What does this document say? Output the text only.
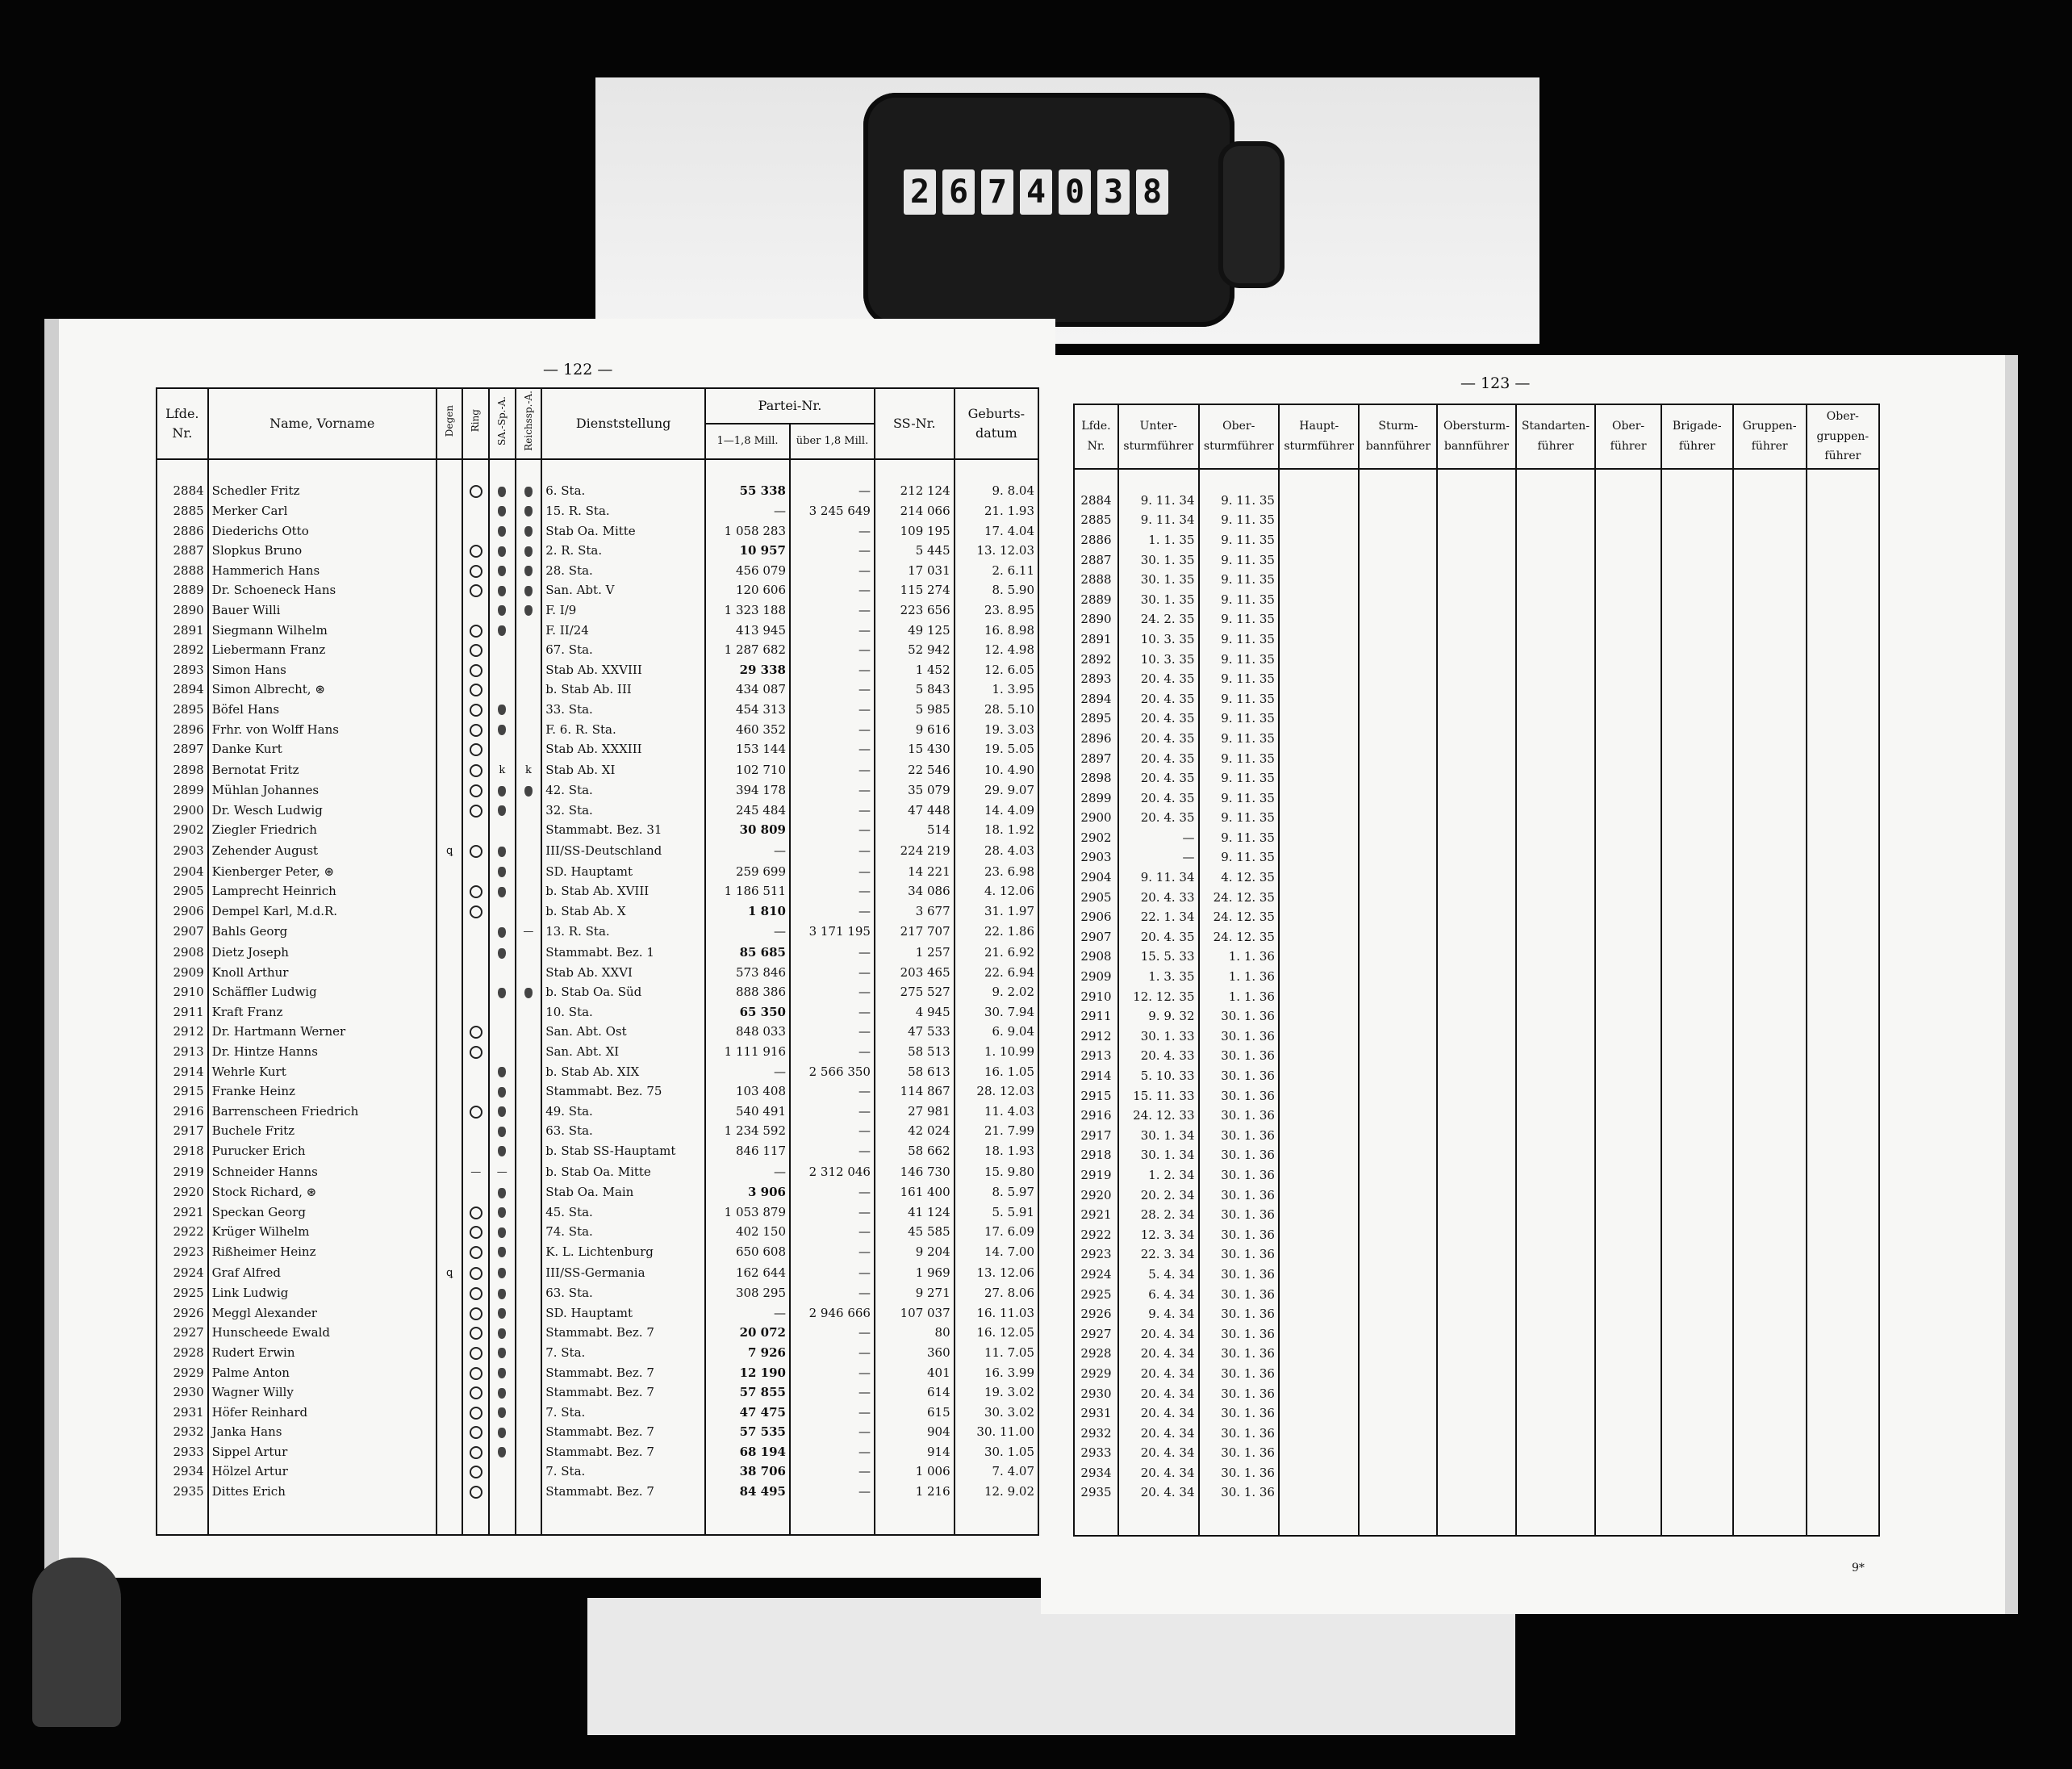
2 6 7 4 0 3 8
— 122 —
Lfde. Nr.	Name, Vorname	Degen	Ring	SA.-Sp.-A.	Reichssp.-A.	Dienststellung	Partei-Nr.		SS-Nr.	Geburts-datum
							1—1,8 Mill.	über 1,8 Mill.		

2884	Schedler Fritz					6. Sta.	55 338	—	212 124	9. 8.04
2885	Merker Carl					15. R. Sta.	—	3 245 649	214 066	21. 1.93
2886	Diederichs Otto					Stab Oa. Mitte	1 058 283	—	109 195	17. 4.04
2887	Slopkus Bruno					2. R. Sta.	10 957	—	5 445	13. 12.03
2888	Hammerich Hans					28. Sta.	456 079	—	17 031	2. 6.11
2889	Dr. Schoeneck Hans					San. Abt. V	120 606	—	115 274	8. 5.90
2890	Bauer Willi					F. I/9	1 323 188	—	223 656	23. 8.95
2891	Siegmann Wilhelm					F. II/24	413 945	—	49 125	16. 8.98
2892	Liebermann Franz					67. Sta.	1 287 682	—	52 942	12. 4.98
2893	Simon Hans					Stab Ab. XXVIII	29 338	—	1 452	12. 6.05
2894	Simon Albrecht, ⊛					b. Stab Ab. III	434 087	—	5 843	1. 3.95
2895	Böfel Hans					33. Sta.	454 313	—	5 985	28. 5.10
2896	Frhr. von Wolff Hans					F. 6. R. Sta.	460 352	—	9 616	19. 3.03
2897	Danke Kurt					Stab Ab. XXXIII	153 144	—	15 430	19. 5.05
2898	Bernotat Fritz			k	k	Stab Ab. XI	102 710	—	22 546	10. 4.90
2899	Mühlan Johannes					42. Sta.	394 178	—	35 079	29. 9.07
2900	Dr. Wesch Ludwig					32. Sta.	245 484	—	47 448	14. 4.09
2902	Ziegler Friedrich					Stammabt. Bez. 31	30 809	—	514	18. 1.92
2903	Zehender August	ꝗ				III/SS-Deutschland	—	—	224 219	28. 4.03
2904	Kienberger Peter, ⊛					SD. Hauptamt	259 699	—	14 221	23. 6.98
2905	Lamprecht Heinrich					b. Stab Ab. XVIII	1 186 511	—	34 086	4. 12.06
2906	Dempel Karl, M.d.R.					b. Stab Ab. X	1 810	—	3 677	31. 1.97
2907	Bahls Georg				—	13. R. Sta.	—	3 171 195	217 707	22. 1.86
2908	Dietz Joseph					Stammabt. Bez. 1	85 685	—	1 257	21. 6.92
2909	Knoll Arthur					Stab Ab. XXVI	573 846	—	203 465	22. 6.94
2910	Schäffler Ludwig					b. Stab Oa. Süd	888 386	—	275 527	9. 2.02
2911	Kraft Franz					10. Sta.	65 350	—	4 945	30. 7.94
2912	Dr. Hartmann Werner					San. Abt. Ost	848 033	—	47 533	6. 9.04
2913	Dr. Hintze Hanns					San. Abt. XI	1 111 916	—	58 513	1. 10.99
2914	Wehrle Kurt					b. Stab Ab. XIX	—	2 566 350	58 613	16. 1.05
2915	Franke Heinz					Stammabt. Bez. 75	103 408	—	114 867	28. 12.03
2916	Barrenscheen Friedrich					49. Sta.	540 491	—	27 981	11. 4.03
2917	Buchele Fritz					63. Sta.	1 234 592	—	42 024	21. 7.99
2918	Purucker Erich					b. Stab SS-Hauptamt	846 117	—	58 662	18. 1.93
2919	Schneider Hanns		—	—		b. Stab Oa. Mitte	—	2 312 046	146 730	15. 9.80
2920	Stock Richard, ⊛					Stab Oa. Main	3 906	—	161 400	8. 5.97
2921	Speckan Georg					45. Sta.	1 053 879	—	41 124	5. 5.91
2922	Krüger Wilhelm					74. Sta.	402 150	—	45 585	17. 6.09
2923	Rißheimer Heinz					K. L. Lichtenburg	650 608	—	9 204	14. 7.00
2924	Graf Alfred	ꝗ				III/SS-Germania	162 644	—	1 969	13. 12.06
2925	Link Ludwig					63. Sta.	308 295	—	9 271	27. 8.06
2926	Meggl Alexander					SD. Hauptamt	—	2 946 666	107 037	16. 11.03
2927	Hunscheede Ewald					Stammabt. Bez. 7	20 072	—	80	16. 12.05
2928	Rudert Erwin					7. Sta.	7 926	—	360	11. 7.05
2929	Palme Anton					Stammabt. Bez. 7	12 190	—	401	16. 3.99
2930	Wagner Willy					Stammabt. Bez. 7	57 855	—	614	19. 3.02
2931	Höfer Reinhard					7. Sta.	47 475	—	615	30. 3.02
2932	Janka Hans					Stammabt. Bez. 7	57 535	—	904	30. 11.00
2933	Sippel Artur					Stammabt. Bez. 7	68 194	—	914	30. 1.05
2934	Hölzel Artur					7. Sta.	38 706	—	1 006	7. 4.07
2935	Dittes Erich					Stammabt. Bez. 7	84 495	—	1 216	12. 9.02
— 123 —
Lfde. Nr.	Unter-sturmführer	Ober-sturmführer	Haupt-sturmführer	Sturm-bannführer	Obersturm-bannführer	Standarten-führer	Ober-führer	Brigade-führer	Gruppen-führer	Ober-gruppen-führer

2884	9. 11. 34	9. 11. 35								
2885	9. 11. 34	9. 11. 35								
2886	1. 1. 35	9. 11. 35								
2887	30. 1. 35	9. 11. 35								
2888	30. 1. 35	9. 11. 35								
2889	30. 1. 35	9. 11. 35								
2890	24. 2. 35	9. 11. 35								
2891	10. 3. 35	9. 11. 35								
2892	10. 3. 35	9. 11. 35								
2893	20. 4. 35	9. 11. 35								
2894	20. 4. 35	9. 11. 35								
2895	20. 4. 35	9. 11. 35								
2896	20. 4. 35	9. 11. 35								
2897	20. 4. 35	9. 11. 35								
2898	20. 4. 35	9. 11. 35								
2899	20. 4. 35	9. 11. 35								
2900	20. 4. 35	9. 11. 35								
2902	—	9. 11. 35								
2903	—	9. 11. 35								
2904	9. 11. 34	4. 12. 35								
2905	20. 4. 33	24. 12. 35								
2906	22. 1. 34	24. 12. 35								
2907	20. 4. 35	24. 12. 35								
2908	15. 5. 33	1. 1. 36								
2909	1. 3. 35	1. 1. 36								
2910	12. 12. 35	1. 1. 36								
2911	9. 9. 32	30. 1. 36								
2912	30. 1. 33	30. 1. 36								
2913	20. 4. 33	30. 1. 36								
2914	5. 10. 33	30. 1. 36								
2915	15. 11. 33	30. 1. 36								
2916	24. 12. 33	30. 1. 36								
2917	30. 1. 34	30. 1. 36								
2918	30. 1. 34	30. 1. 36								
2919	1. 2. 34	30. 1. 36								
2920	20. 2. 34	30. 1. 36								
2921	28. 2. 34	30. 1. 36								
2922	12. 3. 34	30. 1. 36								
2923	22. 3. 34	30. 1. 36								
2924	5. 4. 34	30. 1. 36								
2925	6. 4. 34	30. 1. 36								
2926	9. 4. 34	30. 1. 36								
2927	20. 4. 34	30. 1. 36								
2928	20. 4. 34	30. 1. 36								
2929	20. 4. 34	30. 1. 36								
2930	20. 4. 34	30. 1. 36								
2931	20. 4. 34	30. 1. 36								
2932	20. 4. 34	30. 1. 36								
2933	20. 4. 34	30. 1. 36								
2934	20. 4. 34	30. 1. 36								
2935	20. 4. 34	30. 1. 36								
9*
